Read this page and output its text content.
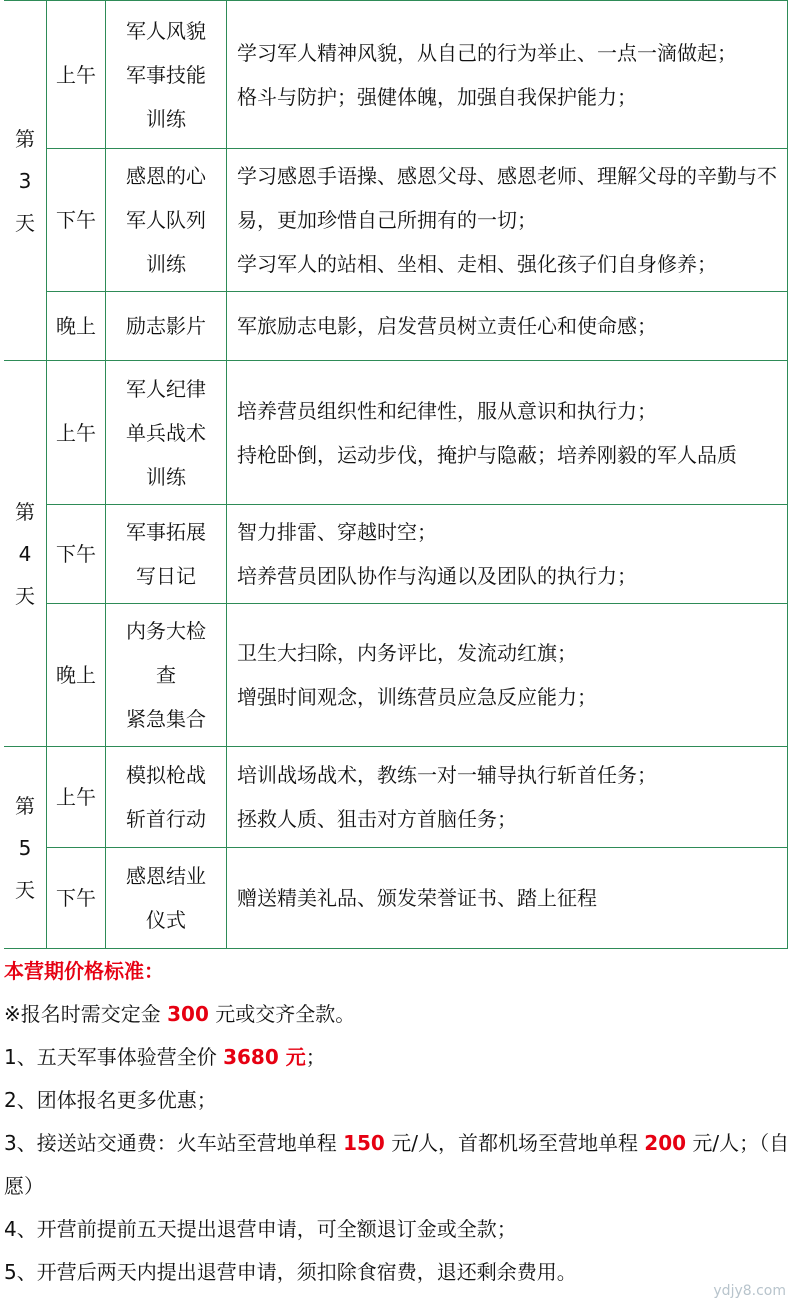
第
3
天	上午	军人风貌
军事技能
训练	学习军人精神风貌，从自己的行为举止、一点一滴做起；
格斗与防护；强健体魄，加强自我保护能力；

	下午	感恩的心
军人队列
训练	学习感恩手语操、感恩父母、感恩老师、理解父母的辛勤与不易，更加珍惜自己所拥有的一切；
学习军人的站相、坐相、走相、强化孩子们自身修养；

	晚上	励志影片	军旅励志电影，启发营员树立责任心和使命感；

第
4
天	上午	军人纪律
单兵战术
训练	培养营员组织性和纪律性，服从意识和执行力；
持枪卧倒，运动步伐，掩护与隐蔽；培养刚毅的军人品质

	下午	军事拓展
写日记	智力排雷、穿越时空；
培养营员团队协作与沟通以及团队的执行力；

	晚上	内务大检
查
紧急集合	卫生大扫除，内务评比，发流动红旗；
增强时间观念，训练营员应急反应能力；

第
5
天	上午	模拟枪战
斩首行动	培训战场战术，教练一对一辅导执行斩首任务；
拯救人质、狙击对方首脑任务；

	下午	感恩结业
仪式	赠送精美礼品、颁发荣誉证书、踏上征程
本营期价格标准：
※报名时需交定金 300 元或交齐全款。
1、五天军事体验营全价 3680 元；
2、团体报名更多优惠；
3、接送站交通费：火车站至营地单程 150 元/人，首都机场至营地单程 200 元/人；（自愿）
4、开营前提前五天提出退营申请，可全额退订金或全款；
5、开营后两天内提出退营申请，须扣除食宿费，退还剩余费用。
ydjy8.com
